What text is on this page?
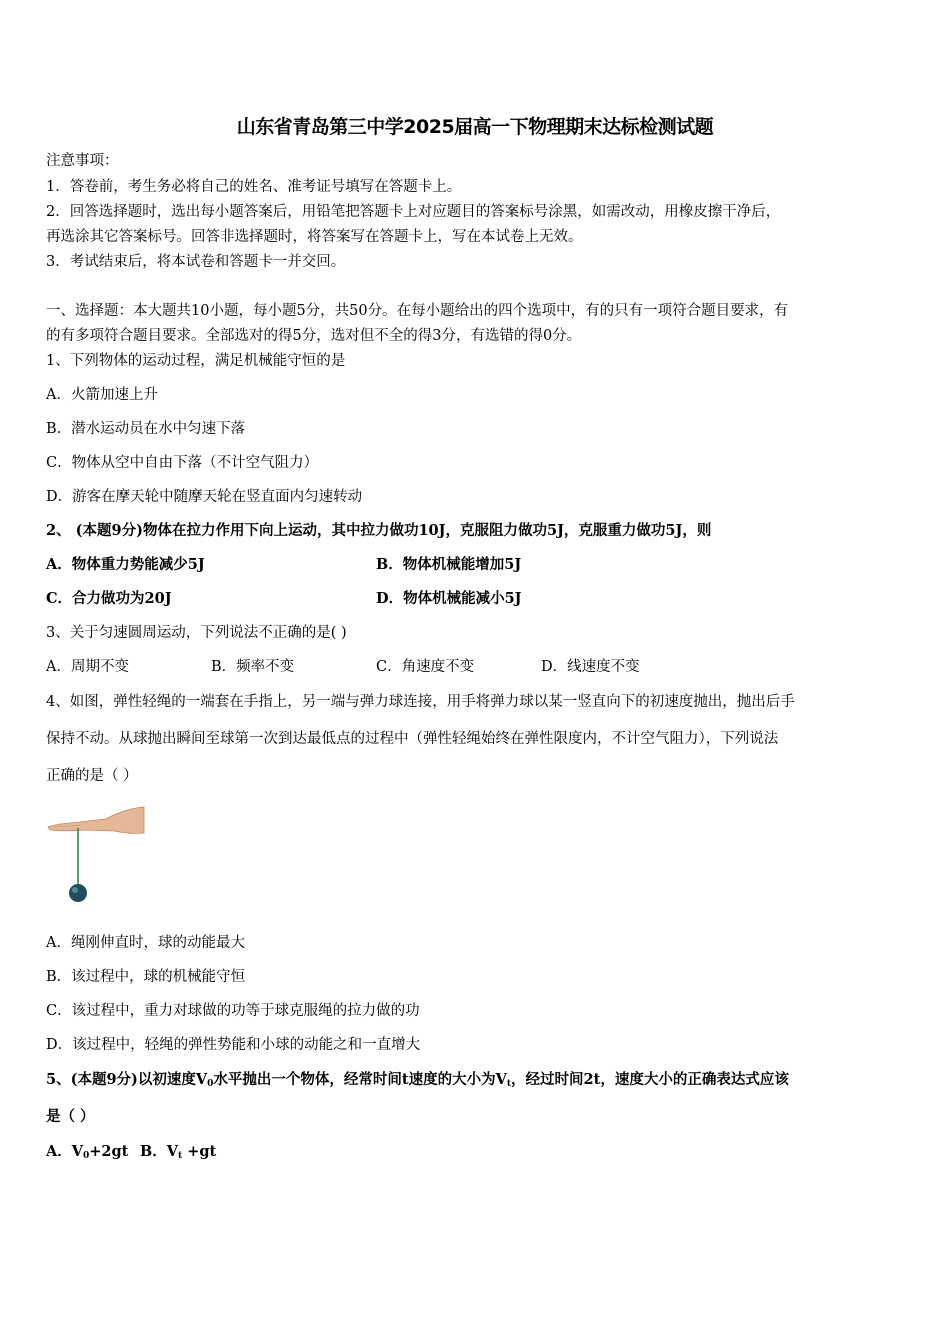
山东省青岛第三中学2025届高一下物理期末达标检测试题
注意事项：
1．答卷前，考生务必将自己的姓名、准考证号填写在答题卡上。
2．回答选择题时，选出每小题答案后，用铅笔把答题卡上对应题目的答案标号涂黑，如需改动，用橡皮擦干净后，
再选涂其它答案标号。回答非选择题时，将答案写在答题卡上，写在本试卷上无效。
3．考试结束后，将本试卷和答题卡一并交回。
一、选择题：本大题共10小题，每小题5分，共50分。在每小题给出的四个选项中，有的只有一项符合题目要求，有
的有多项符合题目要求。全部选对的得5分，选对但不全的得3分，有选错的得0分。
1、下列物体的运动过程，满足机械能守恒的是
A．火箭加速上升
B．潜水运动员在水中匀速下落
C．物体从空中自由下落（不计空气阻力）
D．游客在摩天轮中随摩天轮在竖直面内匀速转动
2、 (本题9分)物体在拉力作用下向上运动，其中拉力做功10J，克服阻力做功5J，克服重力做功5J，则
A．物体重力势能减少5J	B．物体机械能增加5J
C．合力做功为20J	D．物体机械能减小5J
3、关于匀速圆周运动，下列说法不正确的是( )
A．周期不变	B．频率不变	C．角速度不变	D．线速度不变
4、如图，弹性轻绳的一端套在手指上，另一端与弹力球连接，用手将弹力球以某一竖直向下的初速度抛出，抛出后手
保持不动。从球抛出瞬间至球第一次到达最低点的过程中（弹性轻绳始终在弹性限度内，不计空气阻力），下列说法
正确的是（ ）
A．绳刚伸直时，球的动能最大
B．该过程中，球的机械能守恒
C．该过程中，重力对球做的功等于球克服绳的拉力做的功
D．该过程中，轻绳的弹性势能和小球的动能之和一直增大
5、(本题9分)以初速度$V_0$水平抛出一个物体，经常时间t速度的大小为$V_t$，经过时间2t，速度大小的正确表达式应该
是（ ）
A．$V_0+2gt$ B．$V_t +gt$
